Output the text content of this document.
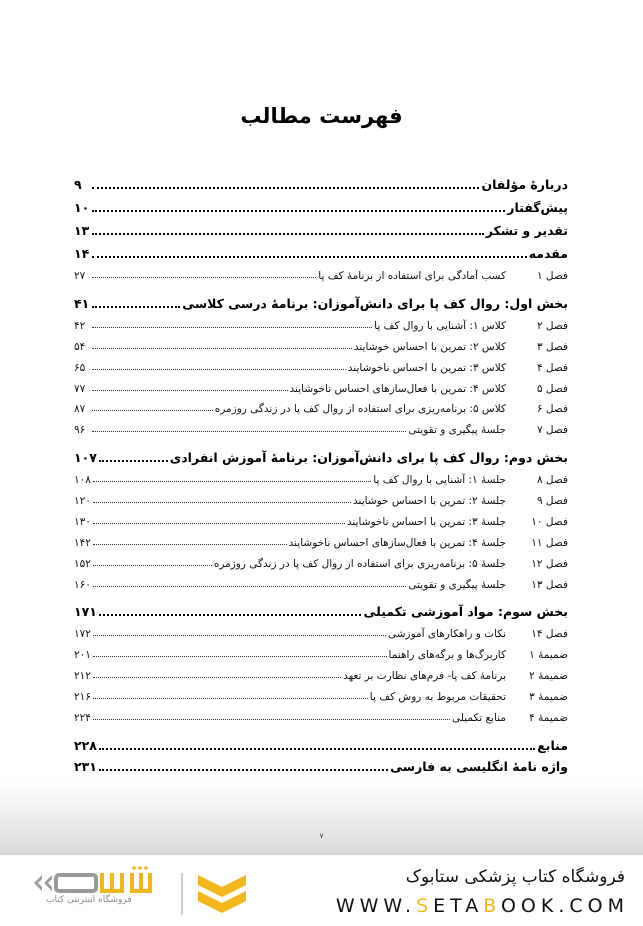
فهرست مطالب
دربارهٔ مؤلفان
۹
پیش‌گفتار
۱۰
تقدیر و تشکر
۱۳
مقدمه
۱۴
فصل ۱
کسب آمادگی برای استفاده از برنامهٔ کف پا
۲۷
بخش اول: روال کف پا برای دانش‌آموزان: برنامهٔ درسی کلاسی
۴۱
فصل ۲
کلاس ۱: آشنایی با روال کف پا
۴۲
فصل ۳
کلاس ۲: تمرین با احساس خوشایند
۵۴
فصل ۴
کلاس ۳: تمرین با احساس ناخوشایند
۶۵
فصل ۵
کلاس ۴: تمرین با فعال‌سازهای احساس ناخوشایند
۷۷
فصل ۶
کلاس ۵: برنامه‌ریزی برای استفاده از روال کف پا در زندگی روزمره
۸۷
فصل ۷
جلسهٔ پیگیری و تقویتی
۹۶
بخش دوم: روال کف پا برای دانش‌آموزان: برنامهٔ آموزش انفرادی
۱۰۷
فصل ۸
جلسهٔ ۱: آشنایی با روال کف پا
۱۰۸
فصل ۹
جلسهٔ ۲: تمرین با احساس خوشایند
۱۲۰
فصل ۱۰
جلسهٔ ۳: تمرین با احساس ناخوشایند
۱۳۰
فصل ۱۱
جلسهٔ ۴: تمرین با فعال‌سازهای احساس ناخوشایند
۱۴۲
فصل ۱۲
جلسهٔ ۵: برنامه‌ریزی برای استفاده از روال کف پا در زندگی روزمره
۱۵۲
فصل ۱۳
جلسهٔ پیگیری و تقویتی
۱۶۰
بخش سوم: مواد آموزشی تکمیلی
۱۷۱
فصل ۱۴
نکات و راهکارهای آموزشی
۱۷۲
ضمیمهٔ ۱
کاربرگ‌ها و برگه‌های راهنما
۲۰۱
ضمیمهٔ ۲
برنامهٔ کف پا- فرم‌های نظارت بر تعهد
۲۱۲
ضمیمهٔ ۳
تحقیقات مربوط به روش کف پا
۲۱۶
ضمیمهٔ ۴
منابع تکمیلی
۲۲۴
منابع
۲۲۸
واژه نامهٔ انگلیسی به فارسی
۲۳۱
۷
فروشگاه اینترنتی کتاب
فروشگاه کتاب پزشکی ستابوک
WWW.SETABOOK.COM
